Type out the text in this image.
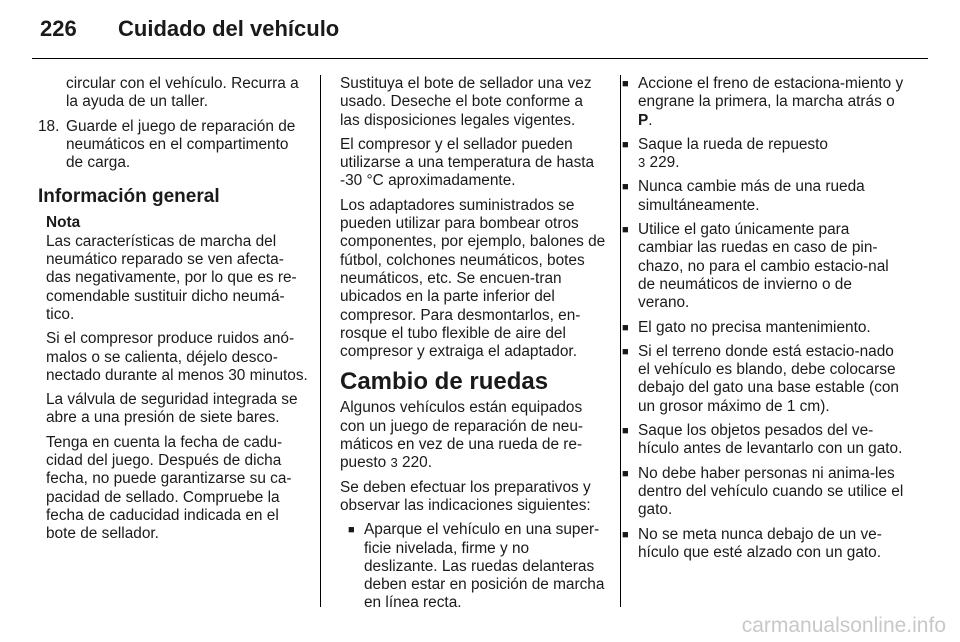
226	Cuidado del vehículo
circular con el vehículo. Recurra a la ayuda de un taller.
18. Guarde el juego de reparación de neumáticos en el compartimento de carga.
Información general
Nota
Las características de marcha del neumático reparado se ven afecta-das negativamente, por lo que es re-comendable sustituir dicho neumá-tico.
Si el compresor produce ruidos anó-malos o se calienta, déjelo desco-nectado durante al menos 30 minutos.
La válvula de seguridad integrada se abre a una presión de siete bares.
Tenga en cuenta la fecha de cadu-cidad del juego. Después de dicha fecha, no puede garantizarse su ca-pacidad de sellado. Compruebe la fecha de caducidad indicada en el bote de sellador.
Sustituya el bote de sellador una vez usado. Deseche el bote conforme a las disposiciones legales vigentes.
El compresor y el sellador pueden utilizarse a una temperatura de hasta -30 °C aproximadamente.
Los adaptadores suministrados se pueden utilizar para bombear otros componentes, por ejemplo, balones de fútbol, colchones neumáticos, botes neumáticos, etc. Se encuen-tran ubicados en la parte inferior del compresor. Para desmontarlos, en-rosque el tubo flexible de aire del compresor y extraiga el adaptador.
Cambio de ruedas
Algunos vehículos están equipados con un juego de reparación de neu-máticos en vez de una rueda de re-puesto 3 220.
Se deben efectuar los preparativos y observar las indicaciones siguientes:
■ Aparque el vehículo en una super-ficie nivelada, firme y no deslizante. Las ruedas delanteras deben estar en posición de marcha en línea recta.
■ Accione el freno de estaciona-miento y engrane la primera, la marcha atrás o P.
■ Saque la rueda de repuesto
3 229.
■ Nunca cambie más de una rueda simultáneamente.
■ Utilice el gato únicamente para cambiar las ruedas en caso de pin-chazo, no para el cambio estacio-nal de neumáticos de invierno o de verano.
■ El gato no precisa mantenimiento.
■ Si el terreno donde está estacio-nado el vehículo es blando, debe colocarse debajo del gato una base estable (con un grosor máximo de 1 cm).
■ Saque los objetos pesados del ve-hículo antes de levantarlo con un gato.
■ No debe haber personas ni anima-les dentro del vehículo cuando se utilice el gato.
■ No se meta nunca debajo de un ve-hículo que esté alzado con un gato.
carmanualsonline.info
